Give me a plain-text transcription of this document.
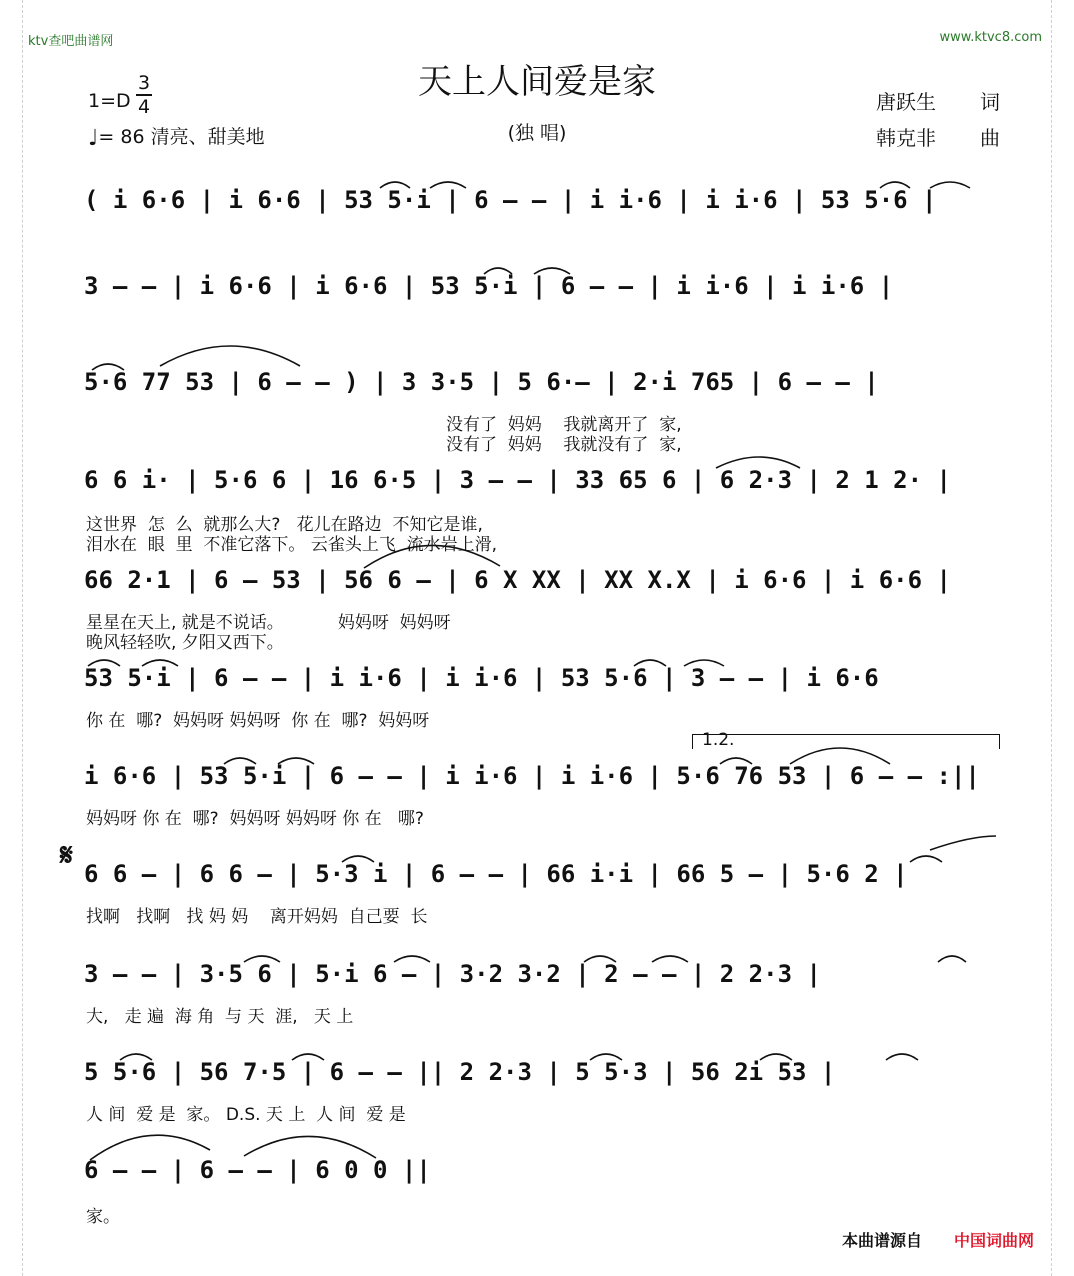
ktv查吧曲谱网	www.ktvc8.com
天上人间爱是家
(独 唱)
$1=D \frac{3}{4}$
♩= 86 清亮、甜美地
唐跃生 词
韩克非 曲
( i 6·6 | i 6·6 | 53 5·i | 6 — — | i i·6 | i i·6 | 53 5·6 |
3 — — | i 6·6 | i 6·6 | 53 5·i | 6 — — | i i·6 | i i·6 |
5·6 77 53 | 6 — — ) | 3 3·5 | 5 6·— | 2·i 765 | 6 — — |
没有了  妈妈    我就离开了  家,
没有了  妈妈    我就没有了  家,
6 6 i· | 5·6 6 | 16 6·5 | 3 — — | 33 65 6 | 6 2·3 | 2 1 2· |
这世界  怎  么  就那么大?   花儿在路边  不知它是谁,
泪水在  眼  里  不准它落下。 云雀头上飞  流水岩上滑,
66 2·1 | 6 — 53 | 56 6 — | 6 X XX | XX X.X | i 6·6 | i 6·6 |
星星在天上, 就是不说话。          妈妈呀  妈妈呀
晚风轻轻吹, 夕阳又西下。
53 5·i | 6 — — | i i·6 | i i·6 | 53 5·6 | 3 — — | i 6·6
你 在  哪?  妈妈呀 妈妈呀  你 在  哪?  妈妈呀
1.2.
i 6·6 | 53 5·i | 6 — — | i i·6 | i i·6 | 5·6 76 53 | 6 — — :||
妈妈呀 你 在  哪?  妈妈呀 妈妈呀 你 在   哪?
𝄋
6 6 — | 6 6 — | 5·3 i | 6 — — | 66 i·i | 66 5 — | 5·6 2 |
找啊   找啊   找 妈 妈    离开妈妈  自己要  长
3 — — | 3·5 6 | 5·i 6 — | 3·2 3·2 | 2 — — | 2 2·3 |
大,   走 遍  海 角  与 天  涯,   天 上
5 5·6 | 56 7·5 | 6 — — || 2 2·3 | 5 5·3 | 56 2i 53 |
人 间  爱 是  家。 D.S. 天 上  人 间  爱 是
6 — — | 6 — — | 6 0 0 ||
家。
本曲谱源自 中国词曲网
